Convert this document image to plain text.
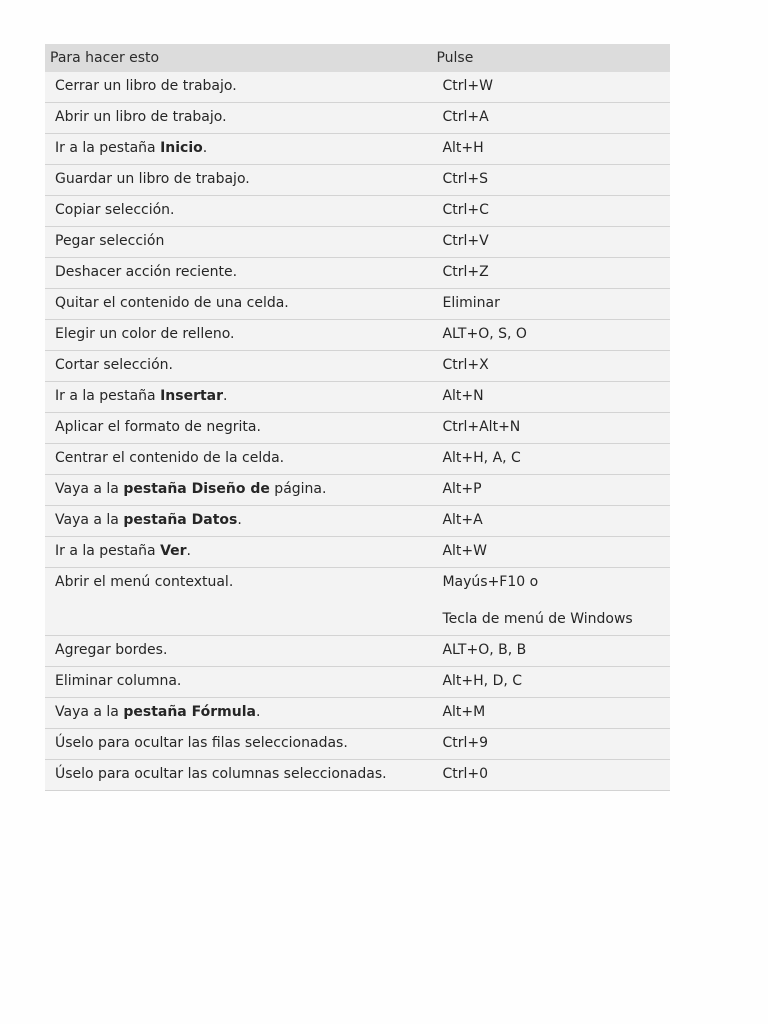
Para hacer esto	Pulse
Cerrar un libro de trabajo.	Ctrl+W
Abrir un libro de trabajo.	Ctrl+A
Ir a la pestaña Inicio.	Alt+H
Guardar un libro de trabajo.	Ctrl+S
Copiar selección.	Ctrl+C
Pegar selección	Ctrl+V
Deshacer acción reciente.	Ctrl+Z
Quitar el contenido de una celda.	Eliminar
Elegir un color de relleno.	ALT+O, S, O
Cortar selección.	Ctrl+X
Ir a la pestaña Insertar.	Alt+N
Aplicar el formato de negrita.	Ctrl+Alt+N
Centrar el contenido de la celda.	Alt+H, A, C
Vaya a la pestaña Diseño de página.	Alt+P
Vaya a la pestaña Datos.	Alt+A
Ir a la pestaña Ver.	Alt+W
Abrir el menú contextual.	Mayús+F10 o
Tecla de menú de Windows

Agregar bordes.	ALT+O, B, B
Eliminar columna.	Alt+H, D, C
Vaya a la pestaña Fórmula.	Alt+M
Úselo para ocultar las filas seleccionadas.	Ctrl+9
Úselo para ocultar las columnas seleccionadas.	Ctrl+0
